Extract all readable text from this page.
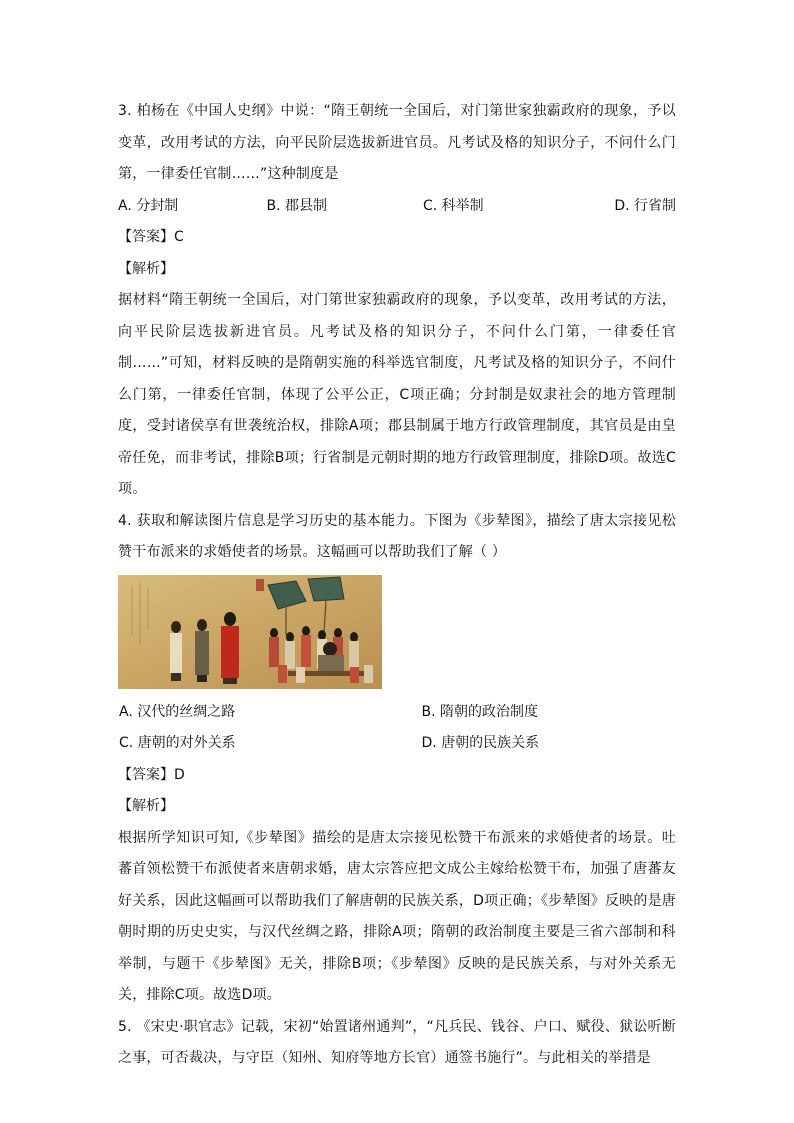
3. 柏杨在《中国人史纲》中说：“隋王朝统一全国后，对门第世家独霸政府的现象，予以变革，改用考试的方法，向平民阶层选拔新进官员。凡考试及格的知识分子，不问什么门第，一律委任官制……”这种制度是

A. 分封制	B. 郡县制	C. 科举制	D. 行省制
【答案】C
【解析】

据材料“隋王朝统一全国后，对门第世家独霸政府的现象，予以变革，改用考试的方法，向平民阶层选拔新进官员。凡考试及格的知识分子，不问什么门第，一律委任官制……”可知，材料反映的是隋朝实施的科举选官制度，凡考试及格的知识分子，不问什么门第，一律委任官制，体现了公平公正，C项正确；分封制是奴隶社会的地方管理制度，受封诸侯享有世袭统治权，排除A项；郡县制属于地方行政管理制度，其官员是由皇帝任免，而非考试，排除B项；行省制是元朝时期的地方行政管理制度，排除D项。故选C项。

4. 获取和解读图片信息是学习历史的基本能力。下图为《步辇图》，描绘了唐太宗接见松赞干布派来的求婚使者的场景。这幅画可以帮助我们了解（ ）

A. 汉代的丝绸之路	B. 隋朝的政治制度
C. 唐朝的对外关系	D. 唐朝的民族关系
【答案】D
【解析】

根据所学知识可知,《步辇图》描绘的是唐太宗接见松赞干布派来的求婚使者的场景。吐蕃首领松赞干布派使者来唐朝求婚，唐太宗答应把文成公主嫁给松赞干布，加强了唐蕃友好关系，因此这幅画可以帮助我们了解唐朝的民族关系，D项正确；《步辇图》反映的是唐朝时期的历史史实，与汉代丝绸之路，排除A项；隋朝的政治制度主要是三省六部制和科举制，与题干《步辇图》无关，排除B项；《步辇图》反映的是民族关系，与对外关系无关，排除C项。故选D项。

5. 《宋史·职官志》记载，宋初“始置诸州通判”，“凡兵民、钱谷、户口、赋役、狱讼听断之事，可否裁决，与守臣（知州、知府等地方长官）通签书施行”。与此相关的举措是
